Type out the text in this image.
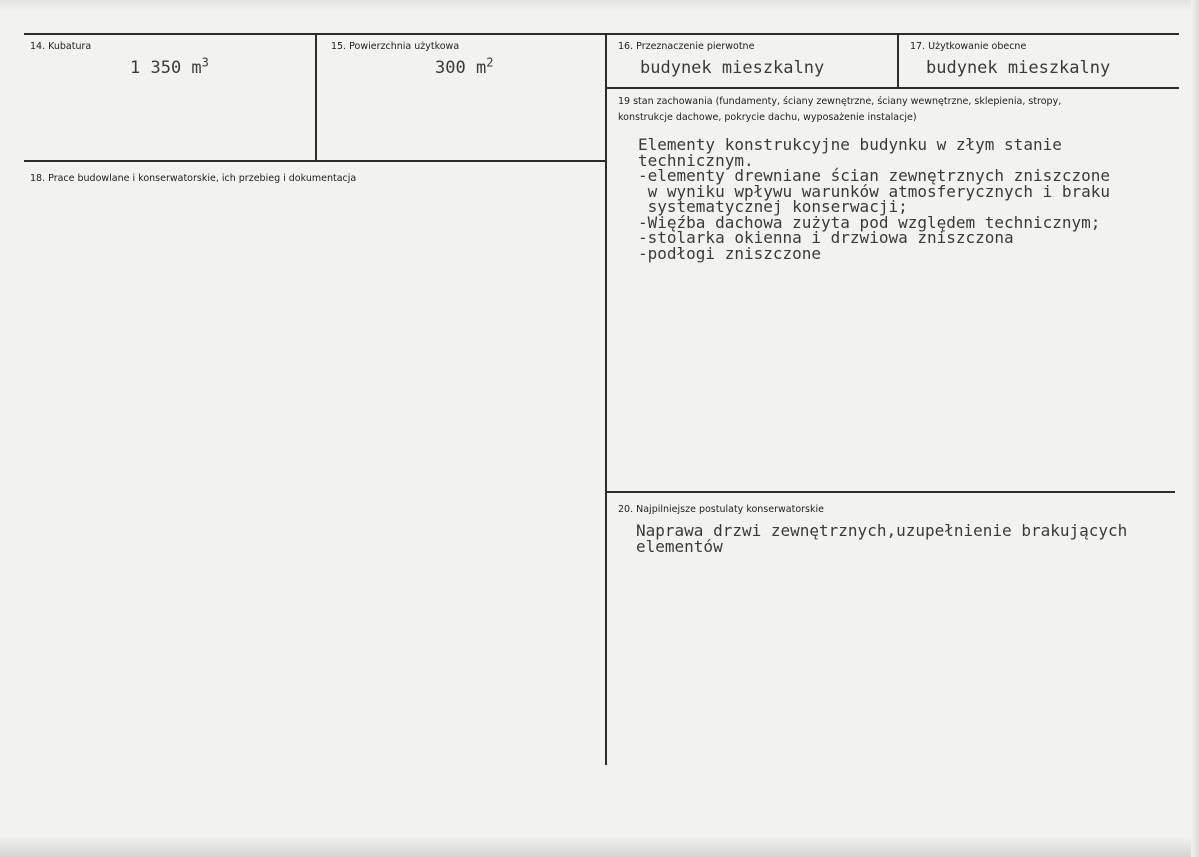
14. Kubatura
1 350 $m^3$
15. Powierzchnia użytkowa
300 $m^2$
16. Przeznaczenie pierwotne
budynek mieszkalny
17. Użytkowanie obecne
budynek mieszkalny
18. Prace budowlane i konserwatorskie, ich przebieg i dokumentacja
19 stan zachowania (fundamenty, ściany zewnętrzne, ściany wewnętrzne, sklepienia, stropy,
konstrukcje dachowe, pokrycie dachu, wyposażenie instalacje)
Elementy konstrukcyjne budynku w złym stanie
technicznym.
-elementy drewniane ścian zewnętrznych zniszczone
w wyniku wpływu warunków atmosferycznych i braku
systematycznej konserwacji;
-Więźba dachowa zużyta pod względem technicznym;
-stolarka okienna i drzwiowa zniszczona
-podłogi zniszczone
20. Najpilniejsze postulaty konserwatorskie
Naprawa drzwi zewnętrznych,uzupełnienie brakujących
elementów
